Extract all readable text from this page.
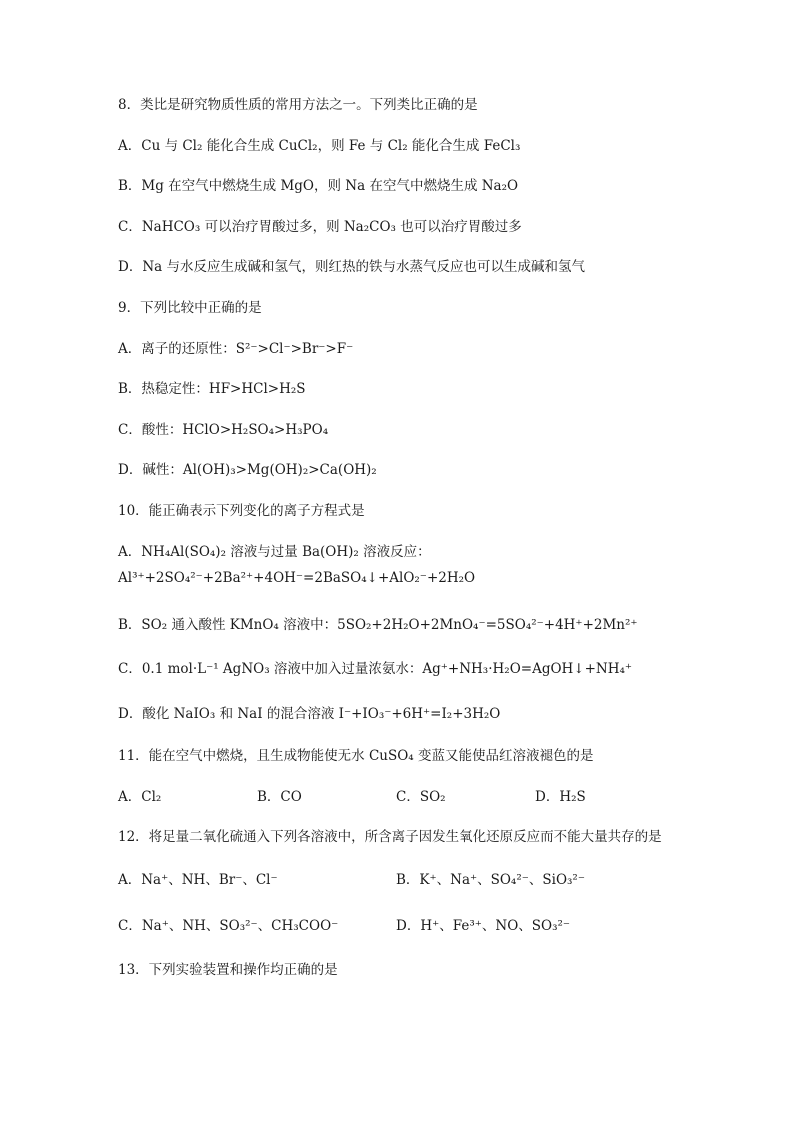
8．类比是研究物质性质的常用方法之一。下列类比正确的是
A．Cu 与 Cl₂ 能化合生成 CuCl₂，则 Fe 与 Cl₂ 能化合生成 FeCl₃
B．Mg 在空气中燃烧生成 MgO，则 Na 在空气中燃烧生成 Na₂O
C．NaHCO₃ 可以治疗胃酸过多，则 Na₂CO₃ 也可以治疗胃酸过多
D．Na 与水反应生成碱和氢气，则红热的铁与水蒸气反应也可以生成碱和氢气
9．下列比较中正确的是
A．离子的还原性：S²⁻>Cl⁻>Br⁻>F⁻
B．热稳定性：HF>HCl>H₂S
C．酸性：HClO>H₂SO₄>H₃PO₄
D．碱性：Al(OH)₃>Mg(OH)₂>Ca(OH)₂
10．能正确表示下列变化的离子方程式是
A．NH₄Al(SO₄)₂ 溶液与过量 Ba(OH)₂ 溶液反应：
Al³⁺+2SO₄²⁻+2Ba²⁺+4OH⁻=2BaSO₄↓+AlO₂⁻+2H₂O
B．SO₂ 通入酸性 KMnO₄ 溶液中：5SO₂+2H₂O+2MnO₄⁻=5SO₄²⁻+4H⁺+2Mn²⁺
C．0.1 mol·L⁻¹ AgNO₃ 溶液中加入过量浓氨水：Ag⁺+NH₃·H₂O=AgOH↓+NH₄⁺
D．酸化 NaIO₃ 和 NaI 的混合溶液 I⁻+IO₃⁻+6H⁺=I₂+3H₂O
11．能在空气中燃烧，且生成物能使无水 CuSO₄ 变蓝又能使品红溶液褪色的是
A．Cl₂	B．CO	C．SO₂	D．H₂S
12．将足量二氧化硫通入下列各溶液中，所含离子因发生氧化还原反应而不能大量共存的是
A．Na⁺、NH、Br⁻、Cl⁻	B．K⁺、Na⁺、SO₄²⁻、SiO₃²⁻
C．Na⁺、NH、SO₃²⁻、CH₃COO⁻	D．H⁺、Fe³⁺、NO、SO₃²⁻
13．下列实验装置和操作均正确的是
